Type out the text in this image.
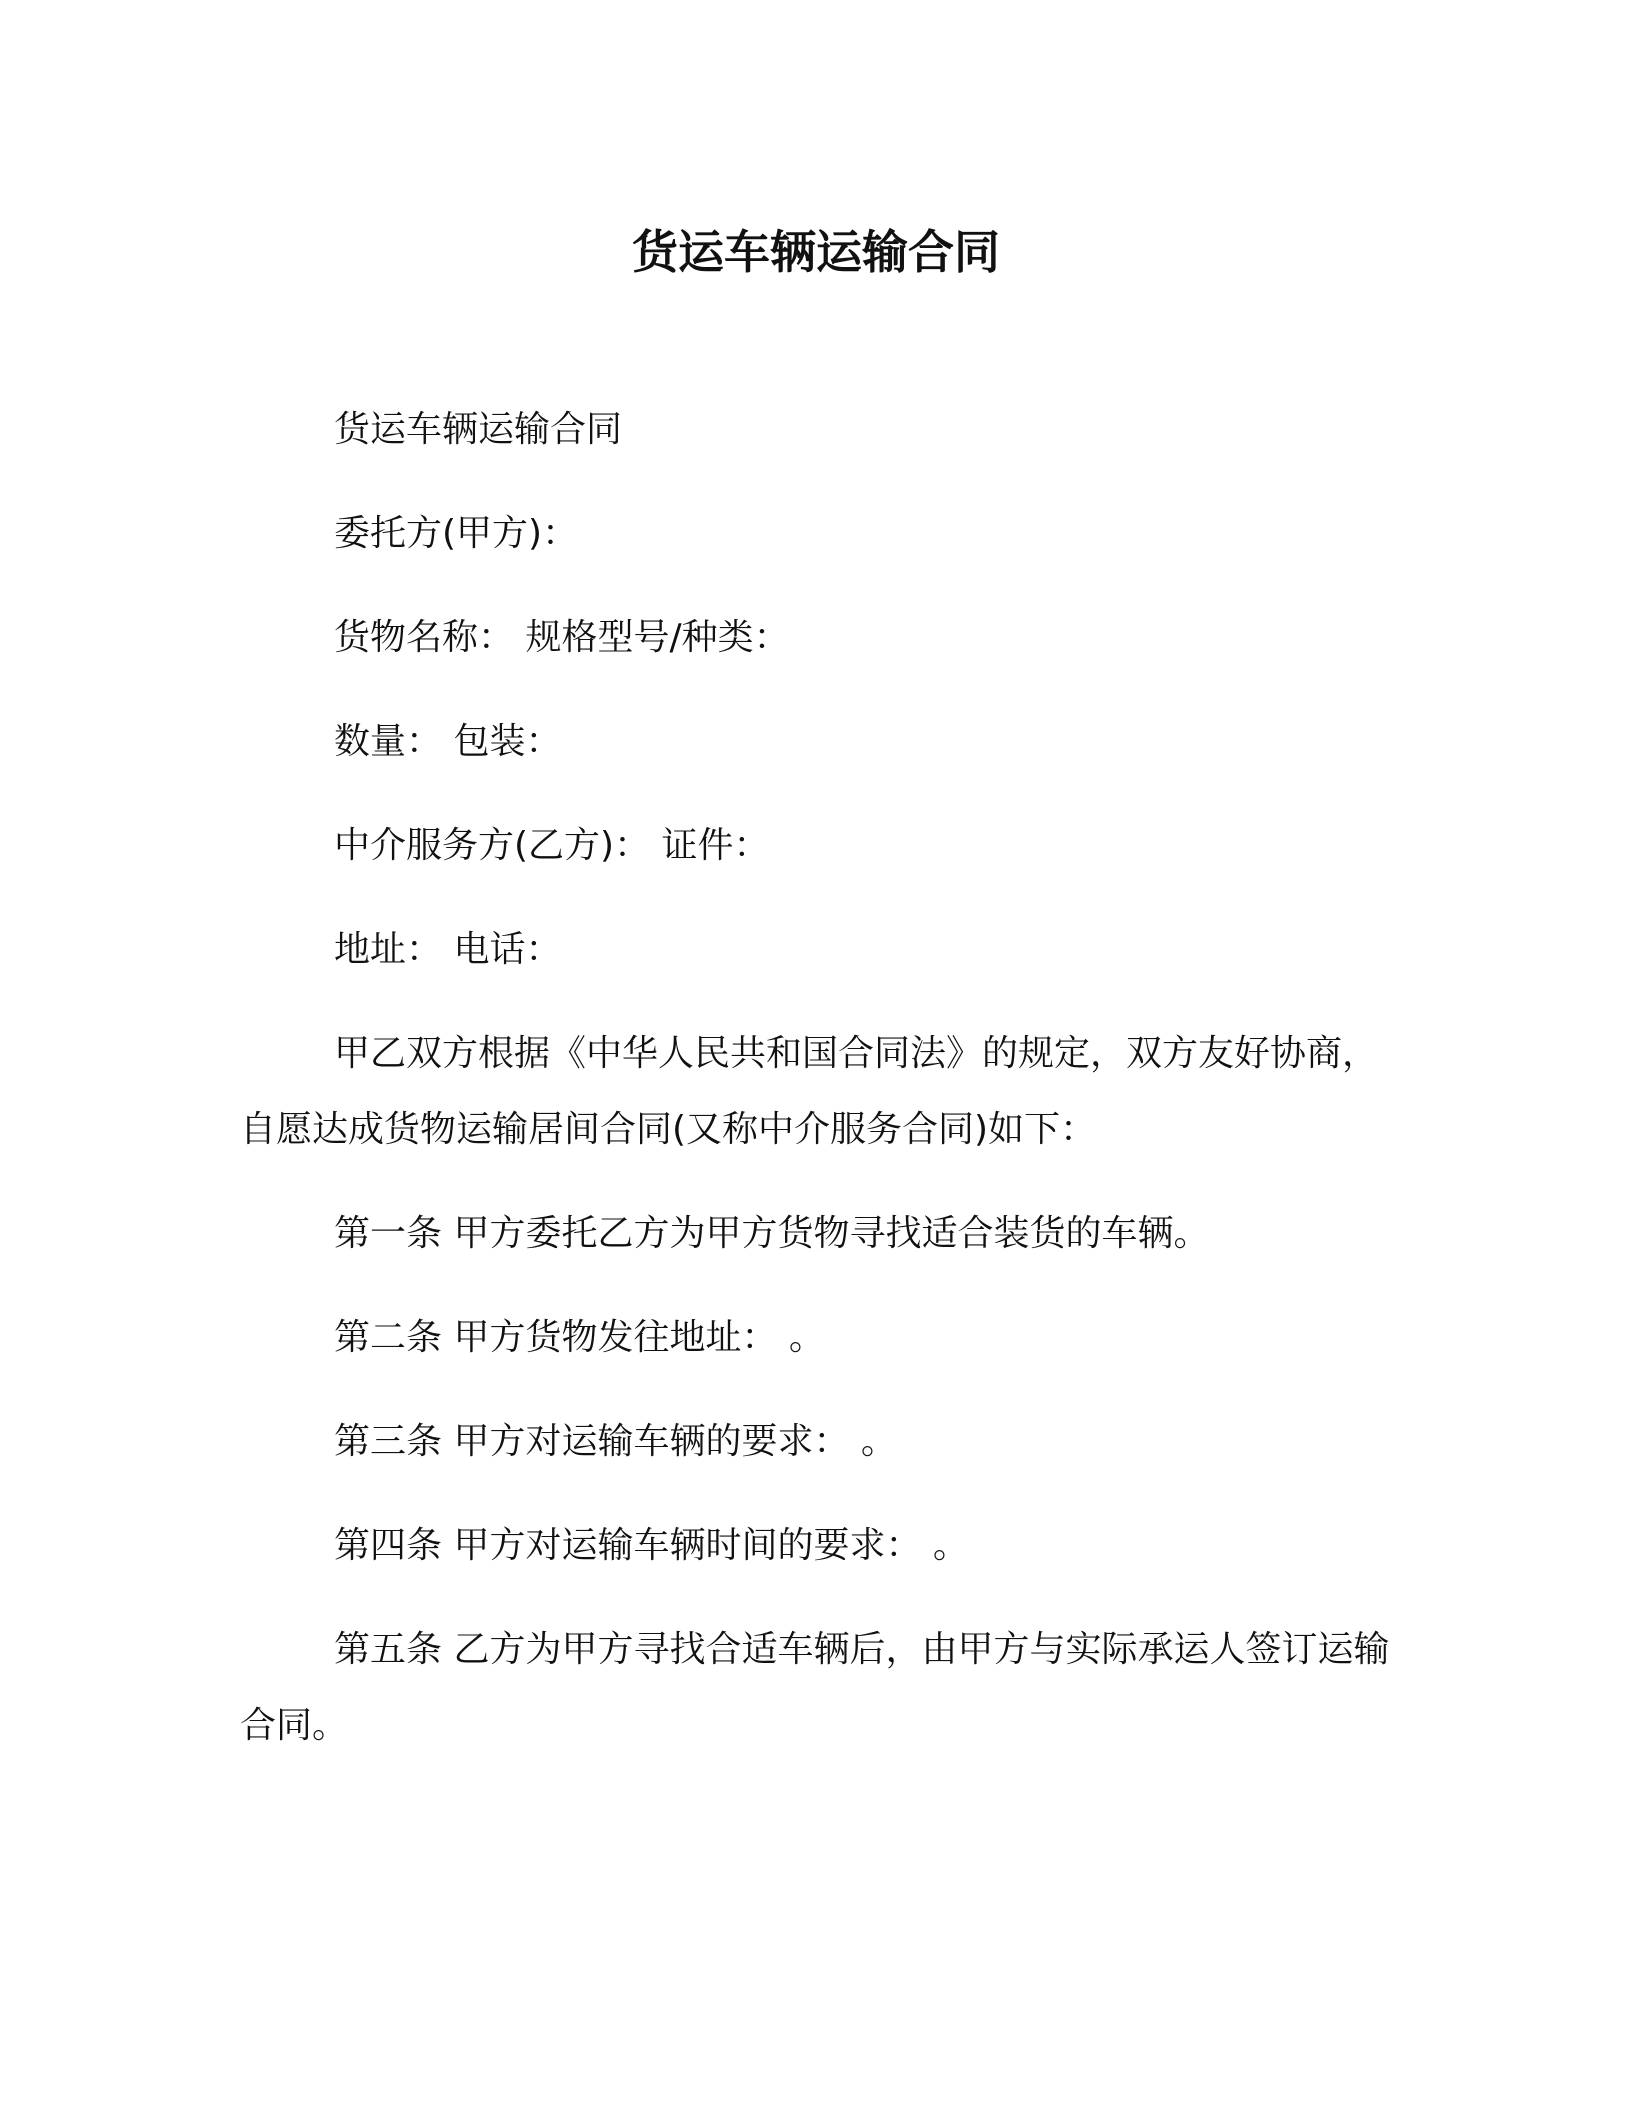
货运车辆运输合同

货运车辆运输合同

委托方(甲方)：

货物名称： 规格型号/种类：

数量： 包装：

中介服务方(乙方)： 证件：

地址： 电话：

甲乙双方根据《中华人民共和国合同法》的规定，双方友好协商，自愿达成货物运输居间合同(又称中介服务合同)如下：

第一条 甲方委托乙方为甲方货物寻找适合装货的车辆。

第二条 甲方货物发往地址： 。

第三条 甲方对运输车辆的要求： 。

第四条 甲方对运输车辆时间的要求： 。

第五条 乙方为甲方寻找合适车辆后，由甲方与实际承运人签订运输合同。
